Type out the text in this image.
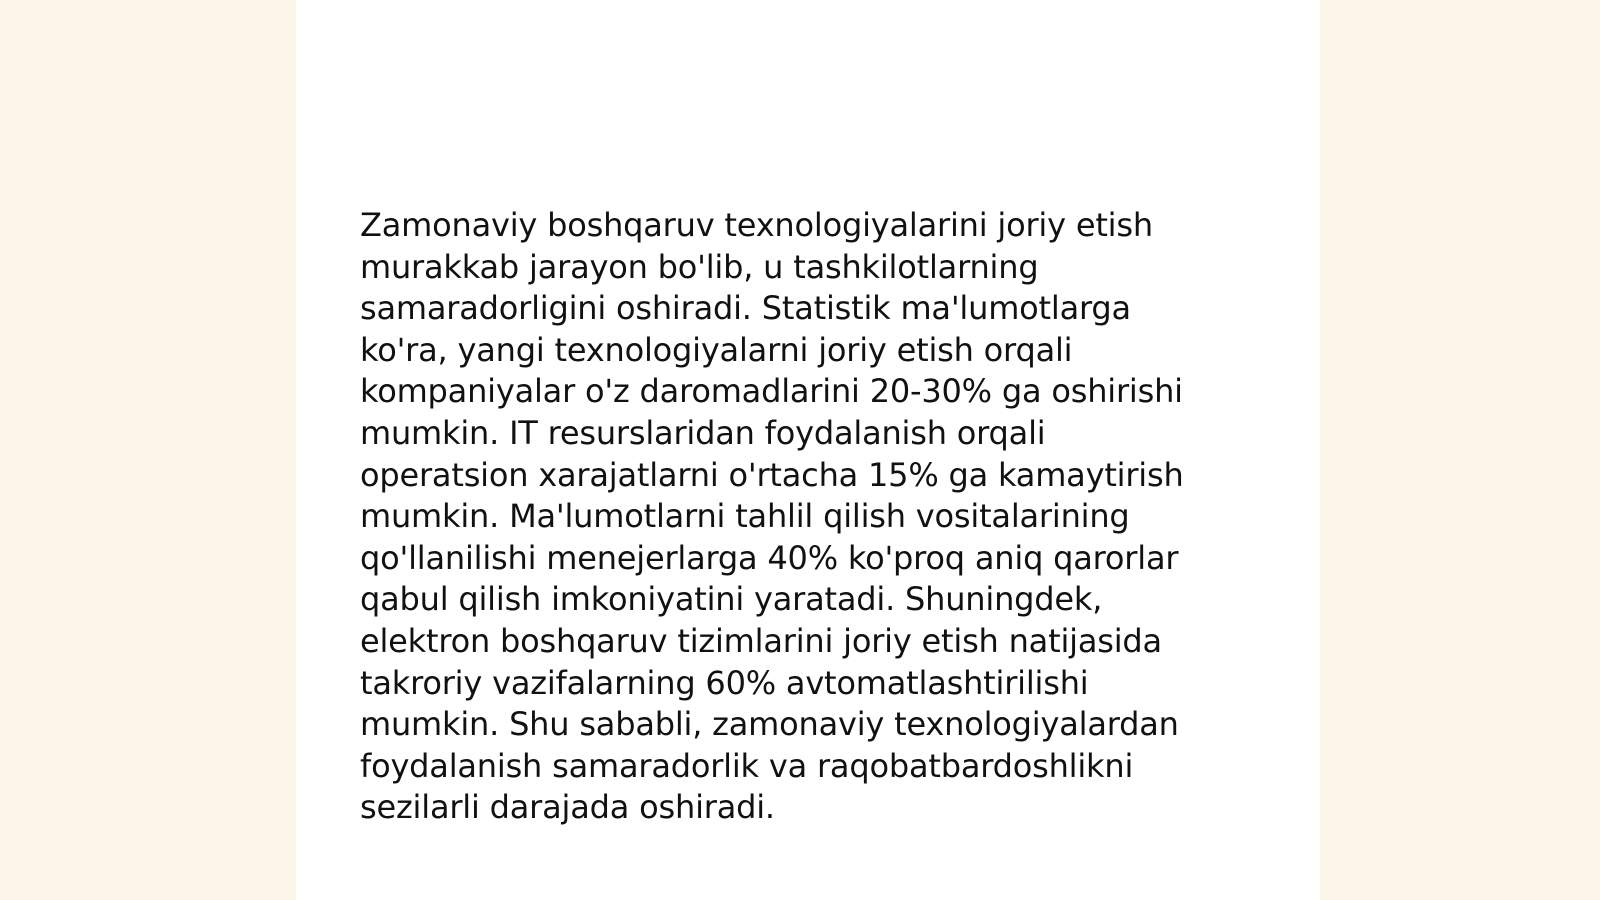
Zamonaviy boshqaruv texnologiyalarini joriy etish
murakkab jarayon bo'lib, u tashkilotlarning
samaradorligini oshiradi. Statistik ma'lumotlarga
ko'ra, yangi texnologiyalarni joriy etish orqali
kompaniyalar o'z daromadlarini 20-30% ga oshirishi
mumkin. IT resurslaridan foydalanish orqali
operatsion xarajatlarni o'rtacha 15% ga kamaytirish
mumkin. Ma'lumotlarni tahlil qilish vositalarining
qo'llanilishi menejerlarga 40% ko'proq aniq qarorlar
qabul qilish imkoniyatini yaratadi. Shuningdek,
elektron boshqaruv tizimlarini joriy etish natijasida
takroriy vazifalarning 60% avtomatlashtirilishi
mumkin. Shu sababli, zamonaviy texnologiyalardan
foydalanish samaradorlik va raqobatbardoshlikni
sezilarli darajada oshiradi.
